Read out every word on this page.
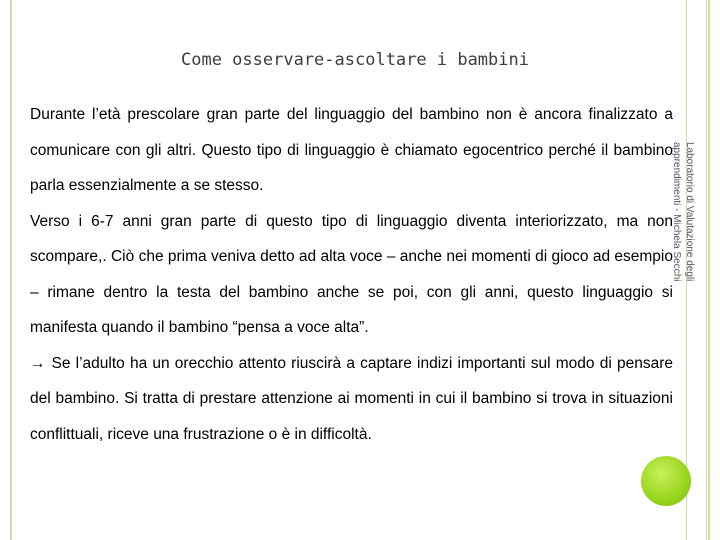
Laboratorio di Valutazione degli
apprendimenti - Michela Secchi
Come osservare-ascoltare i bambini

Durante l’età prescolare gran parte del linguaggio del bambino non è ancora finalizzato a comunicare con gli altri. Questo tipo di linguaggio è chiamato egocentrico perché il bambino parla essenzialmente a se stesso.

Verso i 6-7 anni gran parte di questo tipo di linguaggio diventa interiorizzato, ma non scompare,. Ciò che prima veniva detto ad alta voce – anche nei momenti di gioco ad esempio – rimane dentro la testa del bambino anche se poi, con gli anni, questo linguaggio si manifesta quando il bambino “pensa a voce alta”.

→ Se l’adulto ha un orecchio attento riuscirà a captare indizi importanti sul modo di pensare del bambino. Si tratta di prestare attenzione ai momenti in cui il bambino si trova in situazioni conflittuali, riceve una frustrazione o è in difficoltà.
